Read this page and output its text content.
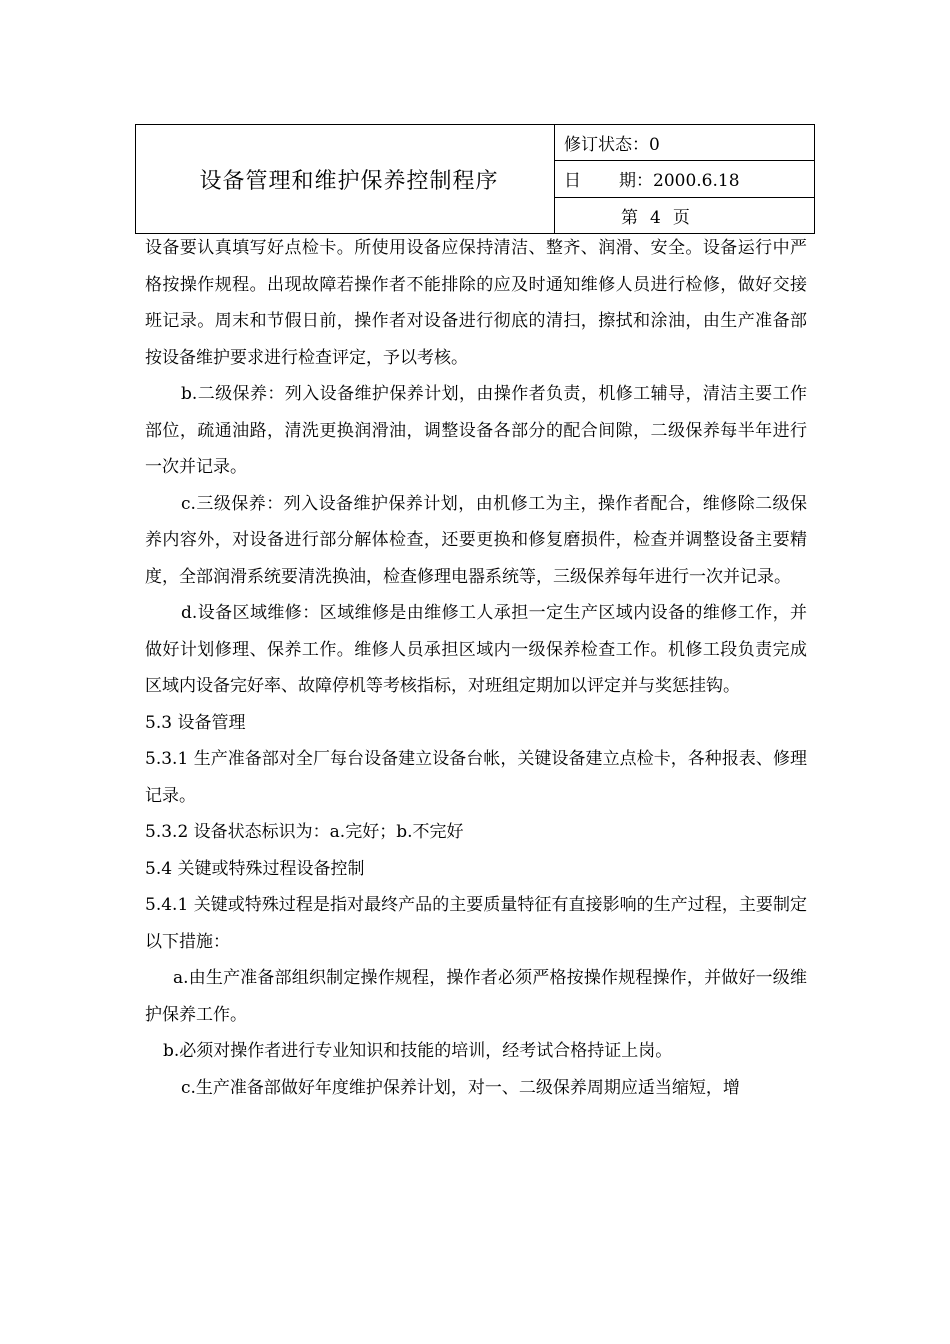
设备管理和维护保养控制程序	修订状态：0
日 期：2000.6.18
第 4 页

设备要认真填写好点检卡。所使用设备应保持清洁、整齐、润滑、安全。设备运行中严格按操作规程。出现故障若操作者不能排除的应及时通知维修人员进行检修，做好交接班记录。周末和节假日前，操作者对设备进行彻底的清扫，擦拭和涂油，由生产准备部按设备维护要求进行检查评定，予以考核。

b.二级保养：列入设备维护保养计划，由操作者负责，机修工辅导，清洁主要工作部位，疏通油路，清洗更换润滑油，调整设备各部分的配合间隙，二级保养每半年进行一次并记录。

c.三级保养：列入设备维护保养计划，由机修工为主，操作者配合，维修除二级保养内容外，对设备进行部分解体检查，还要更换和修复磨损件，检查并调整设备主要精度，全部润滑系统要清洗换油，检查修理电器系统等，三级保养每年进行一次并记录。

d.设备区域维修：区域维修是由维修工人承担一定生产区域内设备的维修工作，并做好计划修理、保养工作。维修人员承担区域内一级保养检查工作。机修工段负责完成区域内设备完好率、故障停机等考核指标，对班组定期加以评定并与奖惩挂钩。

5.3 设备管理

5.3.1 生产准备部对全厂每台设备建立设备台帐，关键设备建立点检卡，各种报表、修理记录。

5.3.2 设备状态标识为：a.完好；b.不完好

5.4 关键或特殊过程设备控制

5.4.1 关键或特殊过程是指对最终产品的主要质量特征有直接影响的生产过程，主要制定以下措施：

a.由生产准备部组织制定操作规程，操作者必须严格按操作规程操作，并做好一级维护保养工作。

b.必须对操作者进行专业知识和技能的培训，经考试合格持证上岗。

c.生产准备部做好年度维护保养计划，对一、二级保养周期应适当缩短，增
